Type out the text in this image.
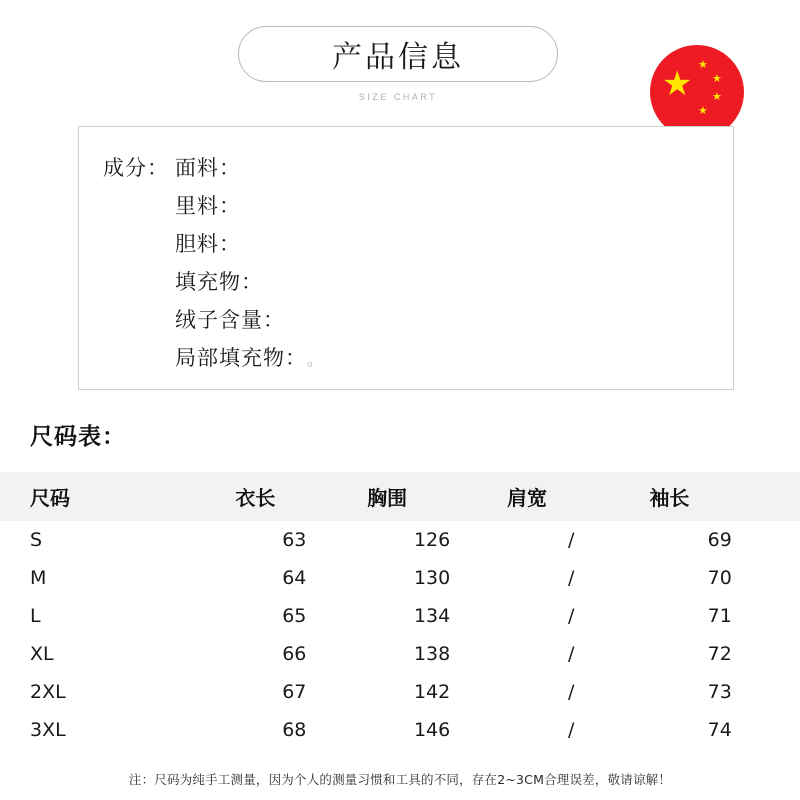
产品信息
SIZE CHART	★ ★
★
★
★
成分： 面料：
里料：
胆料：
填充物：
绒子含量：
局部填充物： 。
尺码表：
尺码	衣长	胸围	肩宽	袖长
S	63	126	/	69
M	64	130	/	70
L	65	134	/	71
XL	66	138	/	72
2XL	67	142	/	73
3XL	68	146	/	74
注：尺码为纯手工测量，因为个人的测量习惯和工具的不同，存在2~3CM合理误差，敬请谅解！
